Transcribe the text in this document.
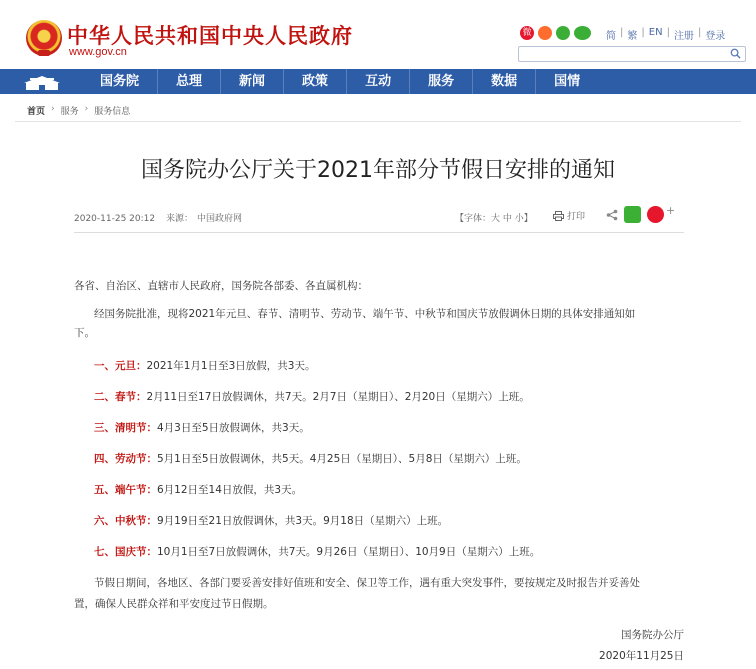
中华人民共和国中央人民政府
www.gov.cn
微	简 | 繁 | EN | 注册 | 登录
国务院	总理	新闻	政策	互动	服务	数据	国情
首页 › 服务 › 服务信息
国务院办公厅关于2021年部分节假日安排的通知
2020-11-25 20:12 来源： 中国政府网	【字体：大 中 小】	打印	+
各省、自治区、直辖市人民政府，国务院各部委、各直属机构：
经国务院批准，现将2021年元旦、春节、清明节、劳动节、端午节、中秋节和国庆节放假调休日期的具体安排通知如
下。
一、元旦：2021年1月1日至3日放假，共3天。
二、春节：2月11日至17日放假调休，共7天。2月7日（星期日）、2月20日（星期六）上班。
三、清明节：4月3日至5日放假调休，共3天。
四、劳动节：5月1日至5日放假调休，共5天。4月25日（星期日）、5月8日（星期六）上班。
五、端午节：6月12日至14日放假，共3天。
六、中秋节：9月19日至21日放假调休，共3天。9月18日（星期六）上班。
七、国庆节：10月1日至7日放假调休，共7天。9月26日（星期日）、10月9日（星期六）上班。
节假日期间，各地区、各部门要妥善安排好值班和安全、保卫等工作，遇有重大突发事件，要按规定及时报告并妥善处
置，确保人民群众祥和平安度过节日假期。
国务院办公厅
2020年11月25日
